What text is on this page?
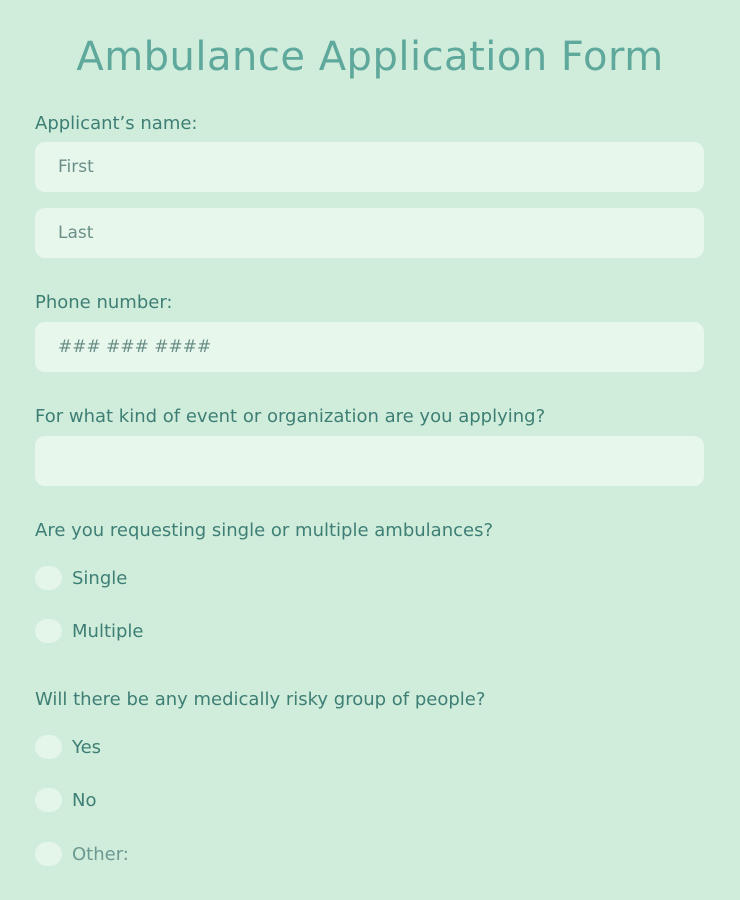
Ambulance Application Form
Applicant’s name:
First
Last
Phone number:
### ### ####
For what kind of event or organization are you applying?
Are you requesting single or multiple ambulances?
Single
Multiple
Will there be any medically risky group of people?
Yes
No
Other:
